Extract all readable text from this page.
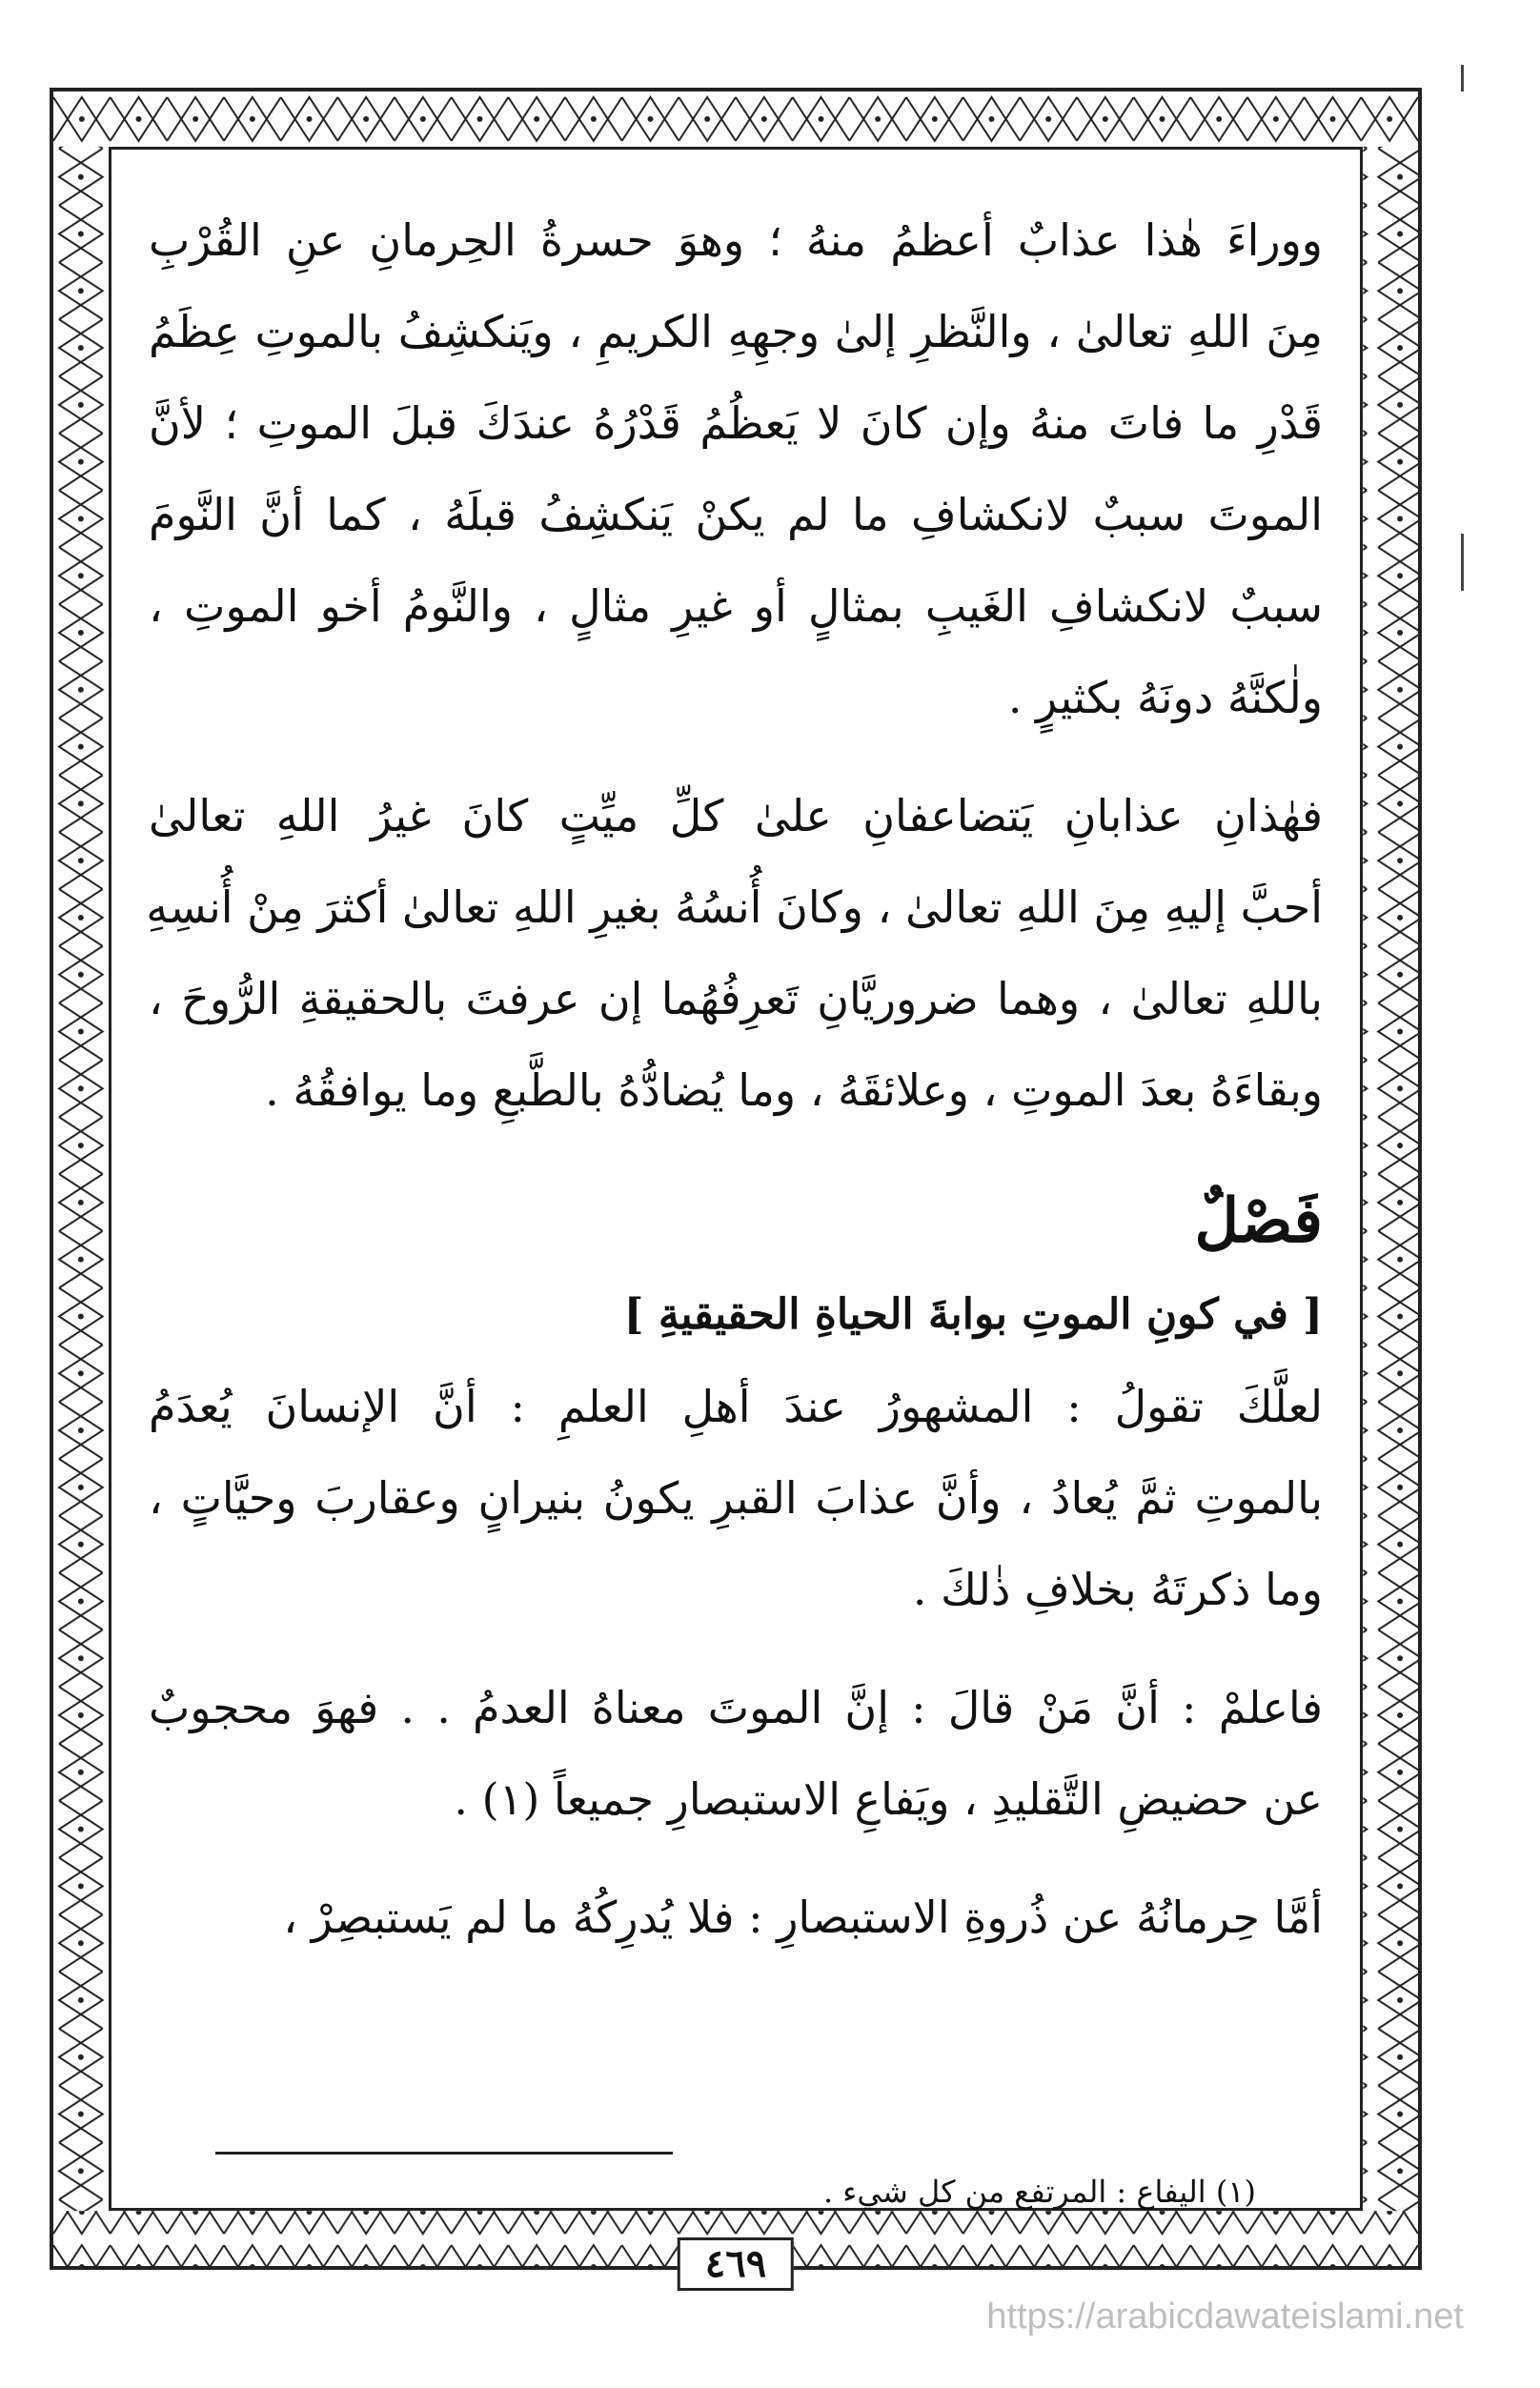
ووراءَ هٰذا عذابٌ أعظمُ منهُ ؛ وهوَ حسرةُ الحِرمانِ عنِ القُرْبِ
مِنَ اللهِ تعالىٰ ، والنَّظرِ إلىٰ وجهِهِ الكريمِ ، ويَنكشِفُ بالموتِ عِظَمُ
قَدْرِ ما فاتَ منهُ وإن كانَ لا يَعظُمُ قَدْرُهُ عندَكَ قبلَ الموتِ ؛ لأنَّ
الموتَ سببٌ لانكشافِ ما لم يكنْ يَنكشِفُ قبلَهُ ، كما أنَّ النَّومَ
سببٌ لانكشافِ الغَيبِ بمثالٍ أو غيرِ مثالٍ ، والنَّومُ أخو الموتِ ،
ولٰكنَّهُ دونَهُ بكثيرٍ .
فهٰذانِ عذابانِ يَتضاعفانِ علىٰ كلِّ ميِّتٍ كانَ غيرُ اللهِ تعالىٰ
أحبَّ إليهِ مِنَ اللهِ تعالىٰ ، وكانَ أُنسُهُ بغيرِ اللهِ تعالىٰ أكثرَ مِنْ أُنسِهِ
باللهِ تعالىٰ ، وهما ضروريَّانِ تَعرِفُهُما إن عرفتَ بالحقيقةِ الرُّوحَ ،
وبقاءَهُ بعدَ الموتِ ، وعلائقَهُ ، وما يُضادُّهُ بالطَّبعِ وما يوافقُهُ .
فَصْلٌ
[ في كونِ الموتِ بوابةَ الحياةِ الحقيقيةِ ]
لعلَّكَ تقولُ : المشهورُ عندَ أهلِ العلمِ : أنَّ الإنسانَ يُعدَمُ
بالموتِ ثمَّ يُعادُ ، وأنَّ عذابَ القبرِ يكونُ بنيرانٍ وعقاربَ وحيَّاتٍ ،
وما ذكرتَهُ بخلافِ ذٰلكَ .
فاعلمْ : أنَّ مَنْ قالَ : إنَّ الموتَ معناهُ العدمُ . . فهوَ محجوبٌ
عن حضيضِ التَّقليدِ ، ويَفاعِ الاستبصارِ جميعاً (١) .
أمَّا حِرمانُهُ عن ذُروةِ الاستبصارِ : فلا يُدرِكُهُ ما لم يَستبصِرْ ،
(١) اليفاع : المرتفع من كل شيء .
٤٦٩
https://arabicdawateislami.net
